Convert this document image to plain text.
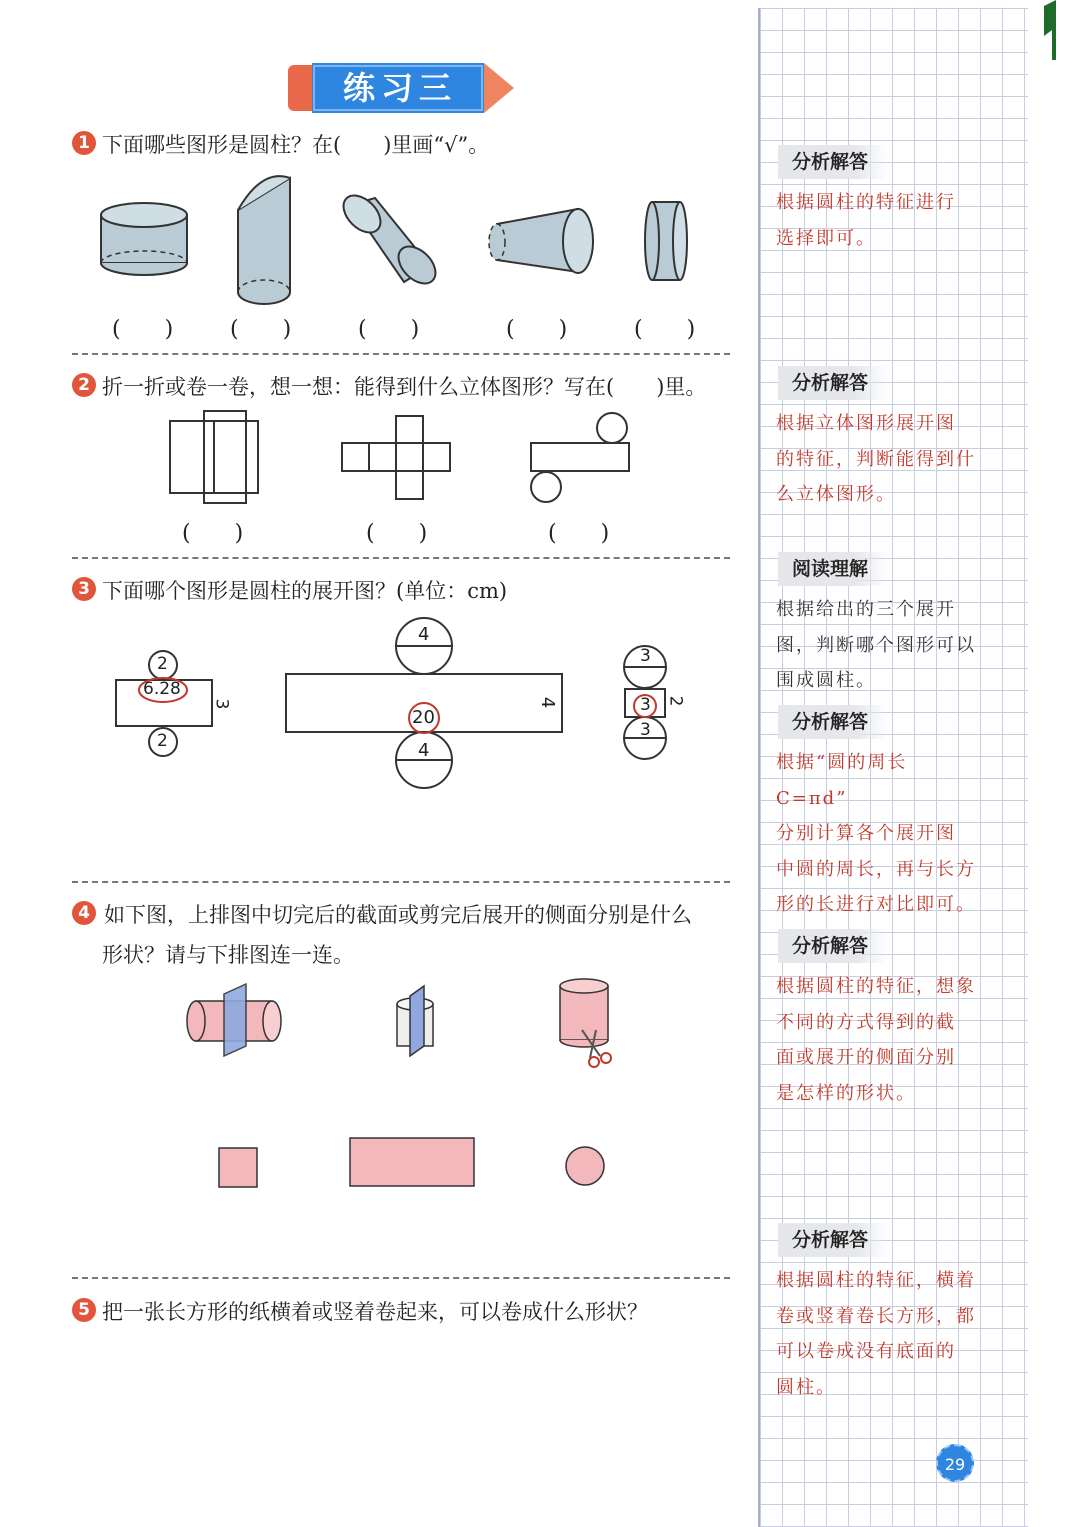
练习三
1 下面哪些图形是圆柱？在(　　)里画“√”。
(　　)	(　　)	(　　)	(　　)	(　　)
2 折一折或卷一卷，想一想：能得到什么立体图形？写在(　　)里。
(　　)	(　　)	(　　)
3 下面哪个图形是圆柱的展开图？(单位：cm)
2
6.28
3
2
4
20
4
4
3
3 2
3
4 如下图，上排图中切完后的截面或剪完后展开的侧面分别是什么
形状？请与下排图连一连。
5 把一张长方形的纸横着或竖着卷起来，可以卷成什么形状？
分析解答
根据圆柱的特征进行
选择即可。
分析解答
根据立体图形展开图
的特征，判断能得到什
么立体图形。
阅读理解
根据给出的三个展开
图，判断哪个图形可以
围成圆柱。
分析解答
根据“圆的周长 C=πd”
分别计算各个展开图
中圆的周长，再与长方
形的长进行对比即可。
分析解答
根据圆柱的特征，想象
不同的方式得到的截
面或展开的侧面分别
是怎样的形状。
分析解答
根据圆柱的特征，横着
卷或竖着卷长方形，都
可以卷成没有底面的
圆柱。
29
